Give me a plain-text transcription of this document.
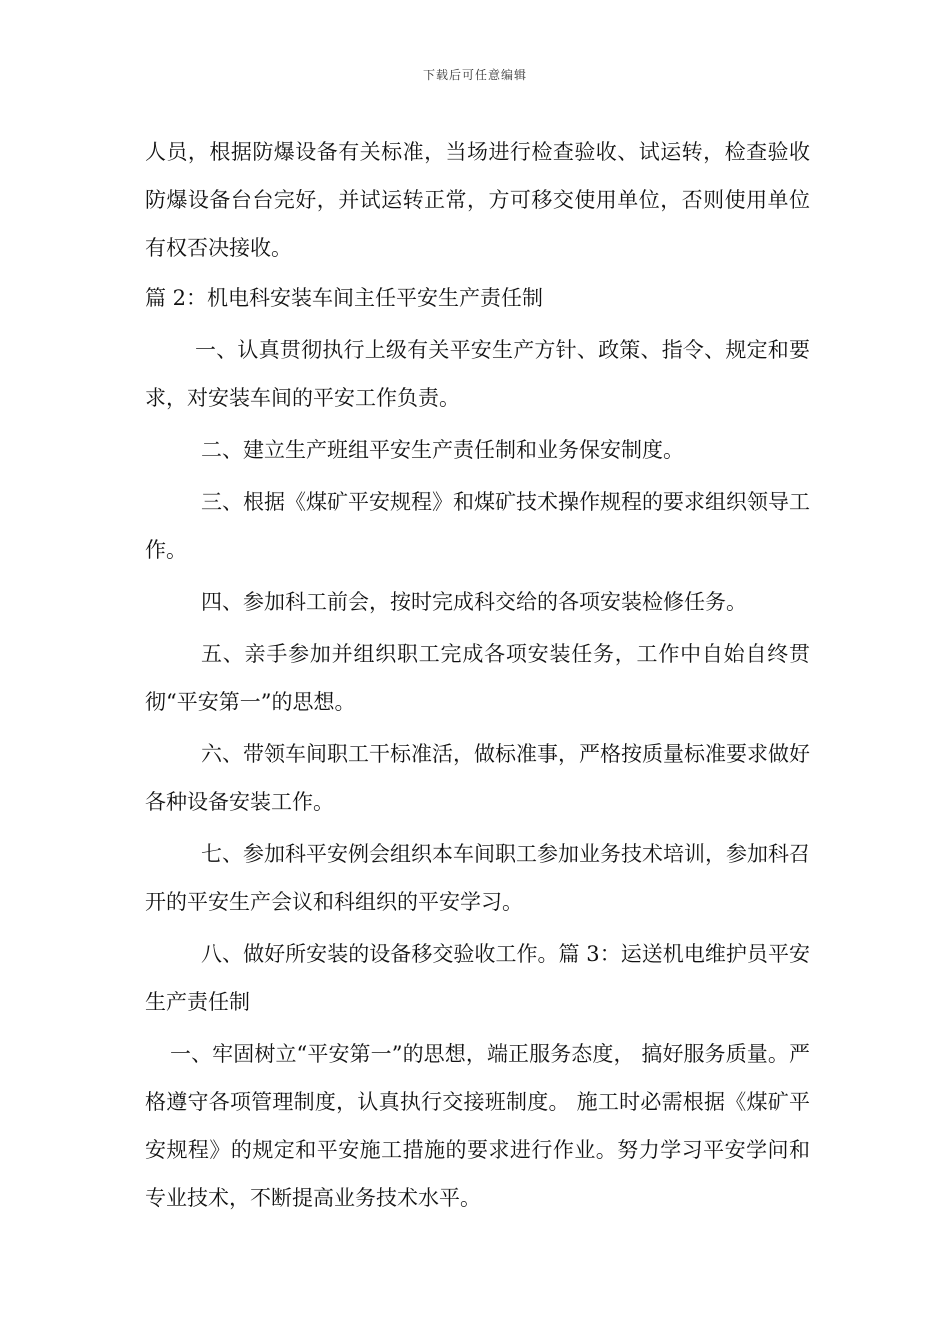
下载后可任意编辑

人员，根据防爆设备有关标准，当场进行检查验收、试运转，检查验收防爆设备台台完好，并试运转正常，方可移交使用单位，否则使用单位有权否决接收。

篇 2：机电科安装车间主任平安生产责任制

一、认真贯彻执行上级有关平安生产方针、政策、指令、规定和要求，对安装车间的平安工作负责。

二、建立生产班组平安生产责任制和业务保安制度。

三、根据《煤矿平安规程》和煤矿技术操作规程的要求组织领导工作。

四、参加科工前会，按时完成科交给的各项安装检修任务。

五、亲手参加并组织职工完成各项安装任务，工作中自始自终贯彻“平安第一”的思想。

六、带领车间职工干标准活，做标准事，严格按质量标准要求做好各种设备安装工作。

七、参加科平安例会组织本车间职工参加业务技术培训，参加科召开的平安生产会议和科组织的平安学习。

八、做好所安装的设备移交验收工作。篇 3：运送机电维护员平安生产责任制

一、牢固树立“平安第一”的思想，端正服务态度， 搞好服务质量。严格遵守各项管理制度，认真执行交接班制度。 施工时必需根据《煤矿平安规程》的规定和平安施工措施的要求进行作业。努力学习平安学问和专业技术，不断提高业务技术水平。
